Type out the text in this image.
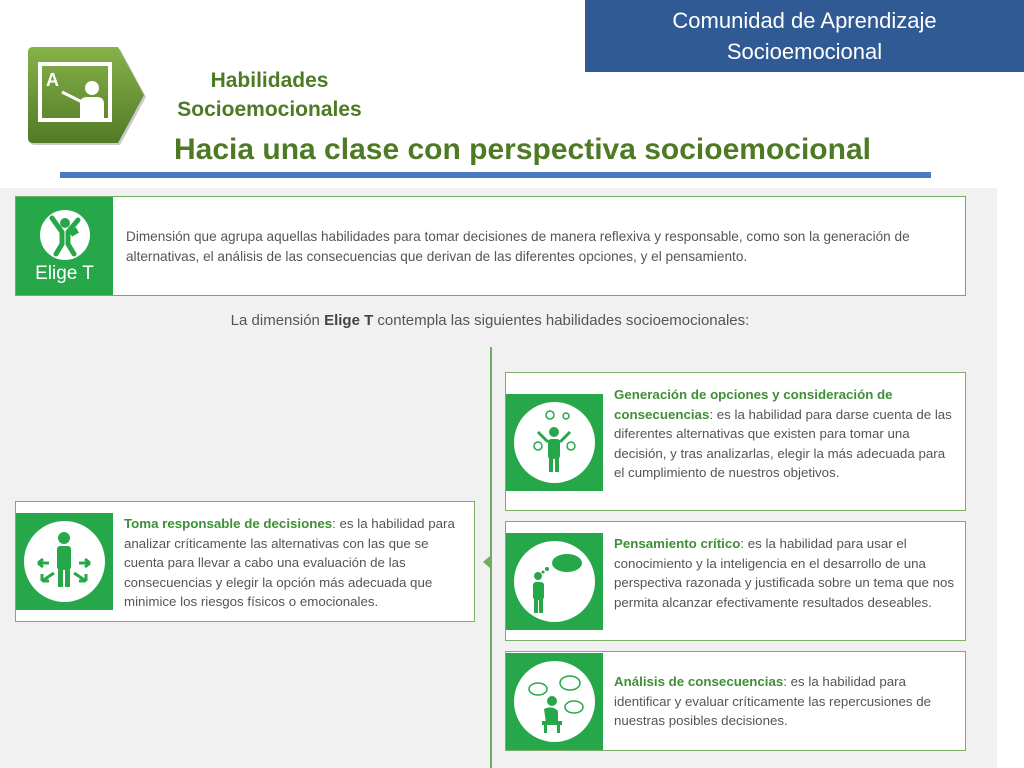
Comunidad de Aprendizaje
Socioemocional
A	Habilidades
Socioemocionales
Hacia una clase con perspectiva socioemocional
Elige T
Dimensión que agrupa aquellas habilidades para tomar decisiones de manera reflexiva y responsable, como son la generación de alternativas, el análisis de las consecuencias que derivan de las diferentes opciones, y el pensamiento.
La dimensión Elige T contempla las siguientes habilidades socioemocionales:
Toma responsable de decisiones: es la habilidad para analizar críticamente las alternativas con las que se cuenta para llevar a cabo una evaluación de las consecuencias y elegir la opción más adecuada que minimice los riesgos físicos o emocionales.
Generación de opciones y consideración de consecuencias: es la habilidad para darse cuenta de las diferentes alternativas que existen para tomar una decisión, y tras analizarlas, elegir la más adecuada para el cumplimiento de nuestros objetivos.
Pensamiento crítico: es la habilidad para usar el conocimiento y la inteligencia en el desarrollo de una perspectiva razonada y justificada sobre un tema que nos permita alcanzar efectivamente resultados deseables.
Análisis de consecuencias: es la habilidad para identificar y evaluar críticamente las repercusiones de nuestras posibles decisiones.
